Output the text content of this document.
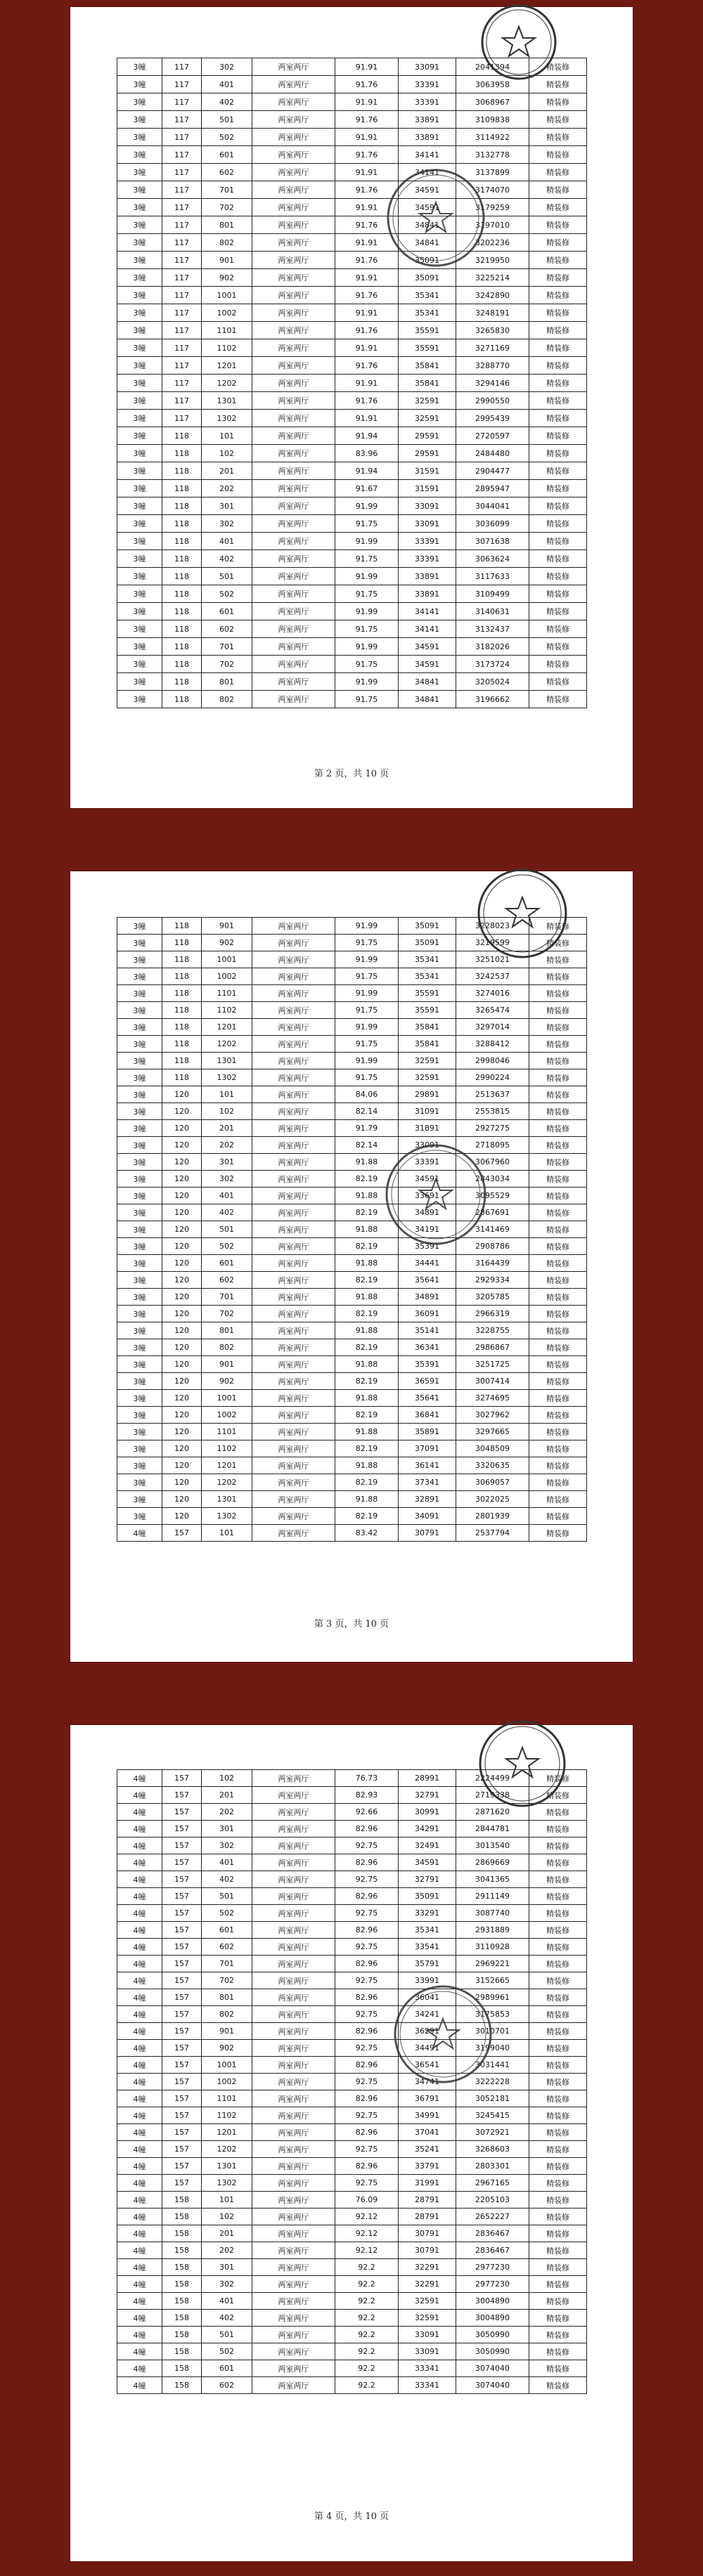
3幢	117	302	两室两厅	91.91	33091	2041394	精装修
3幢	117	401	两室两厅	91.76	33391	3063958	精装修
3幢	117	402	两室两厅	91.91	33391	3068967	精装修
3幢	117	501	两室两厅	91.76	33891	3109838	精装修
3幢	117	502	两室两厅	91.91	33891	3114922	精装修
3幢	117	601	两室两厅	91.76	34141	3132778	精装修
3幢	117	602	两室两厅	91.91	34141	3137899	精装修
3幢	117	701	两室两厅	91.76	34591	3174070	精装修
3幢	117	702	两室两厅	91.91	34591	3179259	精装修
3幢	117	801	两室两厅	91.76	34841	3197010	精装修
3幢	117	802	两室两厅	91.91	34841	3202236	精装修
3幢	117	901	两室两厅	91.76	35091	3219950	精装修
3幢	117	902	两室两厅	91.91	35091	3225214	精装修
3幢	117	1001	两室两厅	91.76	35341	3242890	精装修
3幢	117	1002	两室两厅	91.91	35341	3248191	精装修
3幢	117	1101	两室两厅	91.76	35591	3265830	精装修
3幢	117	1102	两室两厅	91.91	35591	3271169	精装修
3幢	117	1201	两室两厅	91.76	35841	3288770	精装修
3幢	117	1202	两室两厅	91.91	35841	3294146	精装修
3幢	117	1301	两室两厅	91.76	32591	2990550	精装修
3幢	117	1302	两室两厅	91.91	32591	2995439	精装修
3幢	118	101	两室两厅	91.94	29591	2720597	精装修
3幢	118	102	两室两厅	83.96	29591	2484480	精装修
3幢	118	201	两室两厅	91.94	31591	2904477	精装修
3幢	118	202	两室两厅	91.67	31591	2895947	精装修
3幢	118	301	两室两厅	91.99	33091	3044041	精装修
3幢	118	302	两室两厅	91.75	33091	3036099	精装修
3幢	118	401	两室两厅	91.99	33391	3071638	精装修
3幢	118	402	两室两厅	91.75	33391	3063624	精装修
3幢	118	501	两室两厅	91.99	33891	3117633	精装修
3幢	118	502	两室两厅	91.75	33891	3109499	精装修
3幢	118	601	两室两厅	91.99	34141	3140631	精装修
3幢	118	602	两室两厅	91.75	34141	3132437	精装修
3幢	118	701	两室两厅	91.99	34591	3182026	精装修
3幢	118	702	两室两厅	91.75	34591	3173724	精装修
3幢	118	801	两室两厅	91.99	34841	3205024	精装修
3幢	118	802	两室两厅	91.75	34841	3196662	精装修
第 2 页，共 10 页
3幢	118	901	两室两厅	91.99	35091	3228023	精装修
3幢	118	902	两室两厅	91.75	35091	3219599	精装修
3幢	118	1001	两室两厅	91.99	35341	3251021	精装修
3幢	118	1002	两室两厅	91.75	35341	3242537	精装修
3幢	118	1101	两室两厅	91.99	35591	3274016	精装修
3幢	118	1102	两室两厅	91.75	35591	3265474	精装修
3幢	118	1201	两室两厅	91.99	35841	3297014	精装修
3幢	118	1202	两室两厅	91.75	35841	3288412	精装修
3幢	118	1301	两室两厅	91.99	32591	2998046	精装修
3幢	118	1302	两室两厅	91.75	32591	2990224	精装修
3幢	120	101	两室两厅	84.06	29891	2513637	精装修
3幢	120	102	两室两厅	82.14	31091	2553815	精装修
3幢	120	201	两室两厅	91.79	31891	2927275	精装修
3幢	120	202	两室两厅	82.14	33091	2718095	精装修
3幢	120	301	两室两厅	91.88	33391	3067960	精装修
3幢	120	302	两室两厅	82.19	34591	2843034	精装修
3幢	120	401	两室两厅	91.88	33691	3095529	精装修
3幢	120	402	两室两厅	82.19	34891	2867691	精装修
3幢	120	501	两室两厅	91.88	34191	3141469	精装修
3幢	120	502	两室两厅	82.19	35391	2908786	精装修
3幢	120	601	两室两厅	91.88	34441	3164439	精装修
3幢	120	602	两室两厅	82.19	35641	2929334	精装修
3幢	120	701	两室两厅	91.88	34891	3205785	精装修
3幢	120	702	两室两厅	82.19	36091	2966319	精装修
3幢	120	801	两室两厅	91.88	35141	3228755	精装修
3幢	120	802	两室两厅	82.19	36341	2986867	精装修
3幢	120	901	两室两厅	91.88	35391	3251725	精装修
3幢	120	902	两室两厅	82.19	36591	3007414	精装修
3幢	120	1001	两室两厅	91.88	35641	3274695	精装修
3幢	120	1002	两室两厅	82.19	36841	3027962	精装修
3幢	120	1101	两室两厅	91.88	35891	3297665	精装修
3幢	120	1102	两室两厅	82.19	37091	3048509	精装修
3幢	120	1201	两室两厅	91.88	36141	3320635	精装修
3幢	120	1202	两室两厅	82.19	37341	3069057	精装修
3幢	120	1301	两室两厅	91.88	32891	3022025	精装修
3幢	120	1302	两室两厅	82.19	34091	2801939	精装修
4幢	157	101	两室两厅	83.42	30791	2537794	精装修
第 3 页，共 10 页
4幢	157	102	两室两厅	76.73	28991	2224499	精装修
4幢	157	201	两室两厅	82.93	32791	2719338	精装修
4幢	157	202	两室两厅	92.66	30991	2871620	精装修
4幢	157	301	两室两厅	82.96	34291	2844781	精装修
4幢	157	302	两室两厅	92.75	32491	3013540	精装修
4幢	157	401	两室两厅	82.96	34591	2869669	精装修
4幢	157	402	两室两厅	92.75	32791	3041365	精装修
4幢	157	501	两室两厅	82.96	35091	2911149	精装修
4幢	157	502	两室两厅	92.75	33291	3087740	精装修
4幢	157	601	两室两厅	82.96	35341	2931889	精装修
4幢	157	602	两室两厅	92.75	33541	3110928	精装修
4幢	157	701	两室两厅	82.96	35791	2969221	精装修
4幢	157	702	两室两厅	92.75	33991	3152665	精装修
4幢	157	801	两室两厅	82.96	36041	2989961	精装修
4幢	157	802	两室两厅	92.75	34241	3175853	精装修
4幢	157	901	两室两厅	82.96	36291	3010701	精装修
4幢	157	902	两室两厅	92.75	34491	3199040	精装修
4幢	157	1001	两室两厅	82.96	36541	3031441	精装修
4幢	157	1002	两室两厅	92.75	34741	3222228	精装修
4幢	157	1101	两室两厅	82.96	36791	3052181	精装修
4幢	157	1102	两室两厅	92.75	34991	3245415	精装修
4幢	157	1201	两室两厅	82.96	37041	3072921	精装修
4幢	157	1202	两室两厅	92.75	35241	3268603	精装修
4幢	157	1301	两室两厅	82.96	33791	2803301	精装修
4幢	157	1302	两室两厅	92.75	31991	2967165	精装修
4幢	158	101	两室两厅	76.09	28791	2205103	精装修
4幢	158	102	两室两厅	92.12	28791	2652227	精装修
4幢	158	201	两室两厅	92.12	30791	2836467	精装修
4幢	158	202	两室两厅	92.12	30791	2836467	精装修
4幢	158	301	两室两厅	92.2	32291	2977230	精装修
4幢	158	302	两室两厅	92.2	32291	2977230	精装修
4幢	158	401	两室两厅	92.2	32591	3004890	精装修
4幢	158	402	两室两厅	92.2	32591	3004890	精装修
4幢	158	501	两室两厅	92.2	33091	3050990	精装修
4幢	158	502	两室两厅	92.2	33091	3050990	精装修
4幢	158	601	两室两厅	92.2	33341	3074040	精装修
4幢	158	602	两室两厅	92.2	33341	3074040	精装修
第 4 页，共 10 页
